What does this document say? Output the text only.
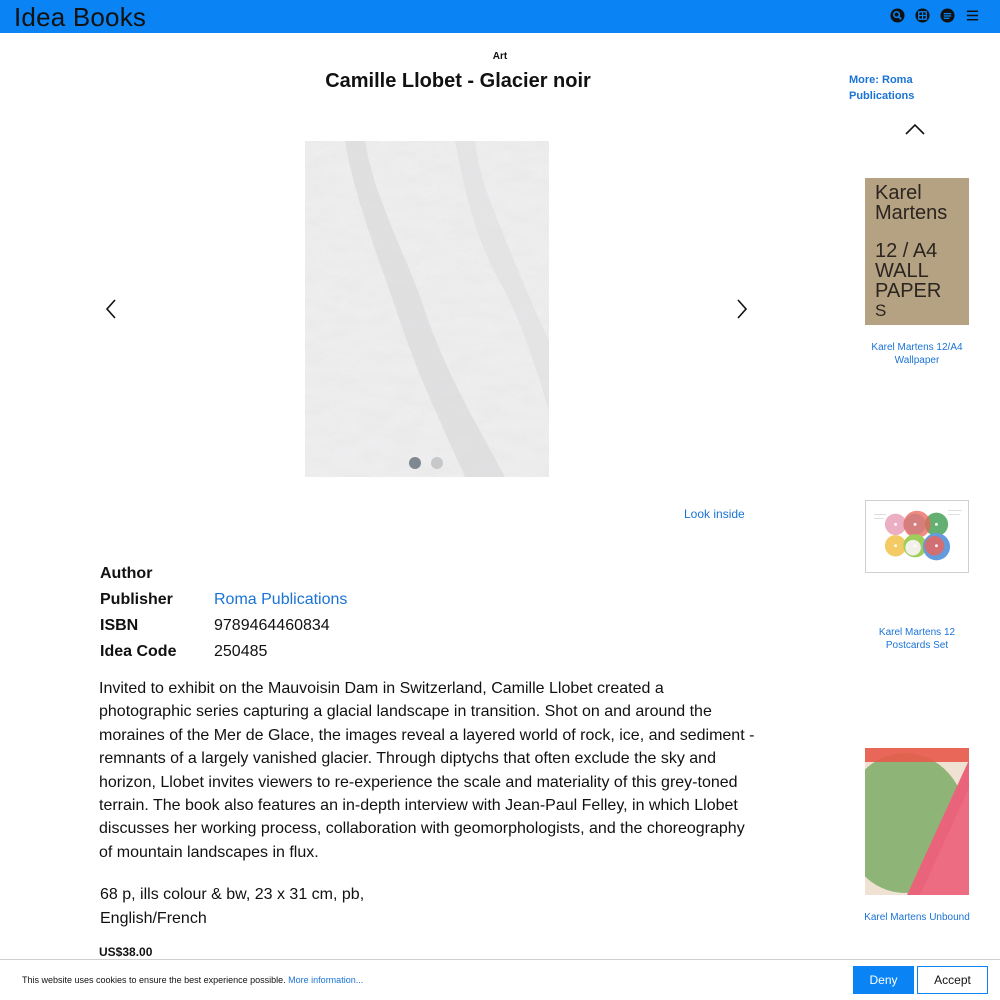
Idea Books
Art
Camille Llobet - Glacier noir
Look inside
Author
Publisher	Roma Publications
ISBN	9789464460834
Idea Code	250485

Invited to exhibit on the Mauvoisin Dam in Switzerland, Camille Llobet created a photographic series capturing a glacial landscape in transition. Shot on and around the moraines of the Mer de Glace, the images reveal a layered world of rock, ice, and sediment - remnants of a largely vanished glacier. Through diptychs that often exclude the sky and horizon, Llobet invites viewers to re-experience the scale and materiality of this grey-toned terrain. The book also features an in-depth interview with Jean-Paul Felley, in which Llobet discusses her working process, collaboration with geomorphologists, and the choreography of mountain landscapes in flux.

68 p, ills colour & bw, 23 x 31 cm, pb,
English/French
US$38.00
More: Roma Publications
Karel
Martens
12 / A4
WALL
PAPER
S
Karel Martens 12/A4 Wallpaper
Karel Martens 12 Postcards Set
Karel Martens Unbound
This website uses cookies to ensure the best experience possible. More information...	Deny	Accept
